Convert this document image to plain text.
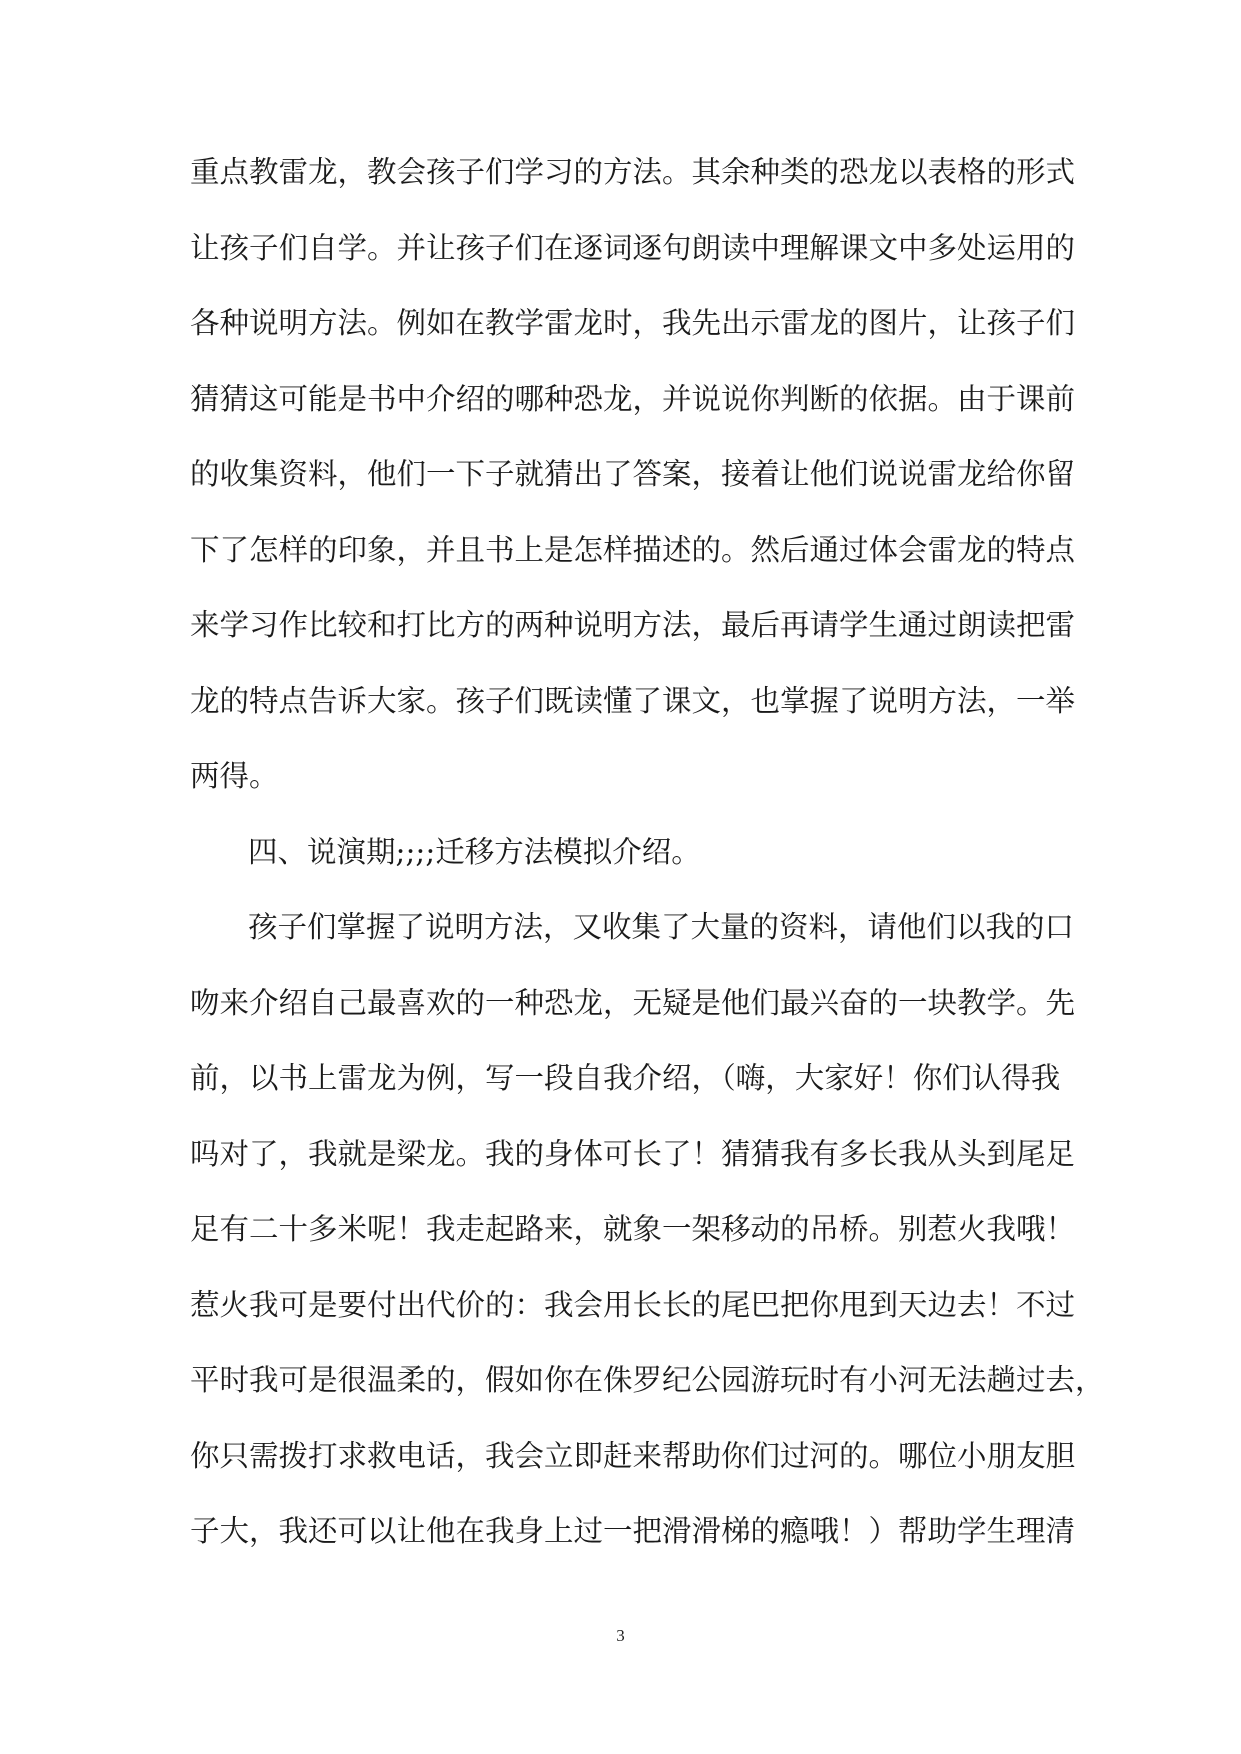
重点教雷龙，教会孩子们学习的方法。其余种类的恐龙以表格的形式
让孩子们自学。并让孩子们在逐词逐句朗读中理解课文中多处运用的
各种说明方法。例如在教学雷龙时，我先出示雷龙的图片，让孩子们
猜猜这可能是书中介绍的哪种恐龙，并说说你判断的依据。由于课前
的收集资料，他们一下子就猜出了答案，接着让他们说说雷龙给你留
下了怎样的印象，并且书上是怎样描述的。然后通过体会雷龙的特点
来学习作比较和打比方的两种说明方法，最后再请学生通过朗读把雷
龙的特点告诉大家。孩子们既读懂了课文，也掌握了说明方法，一举
两得。
四、说演期;;;;迁移方法模拟介绍。
孩子们掌握了说明方法，又收集了大量的资料，请他们以我的口
吻来介绍自己最喜欢的一种恐龙，无疑是他们最兴奋的一块教学。先
前，以书上雷龙为例，写一段自我介绍，（嗨，大家好！你们认得我
吗对了，我就是梁龙。我的身体可长了！猜猜我有多长我从头到尾足
足有二十多米呢！我走起路来，就象一架移动的吊桥。别惹火我哦！
惹火我可是要付出代价的：我会用长长的尾巴把你甩到天边去！不过
平时我可是很温柔的，假如你在侏罗纪公园游玩时有小河无法趟过去，
你只需拨打求救电话，我会立即赶来帮助你们过河的。哪位小朋友胆
子大，我还可以让他在我身上过一把滑滑梯的瘾哦！）帮助学生理清
3
